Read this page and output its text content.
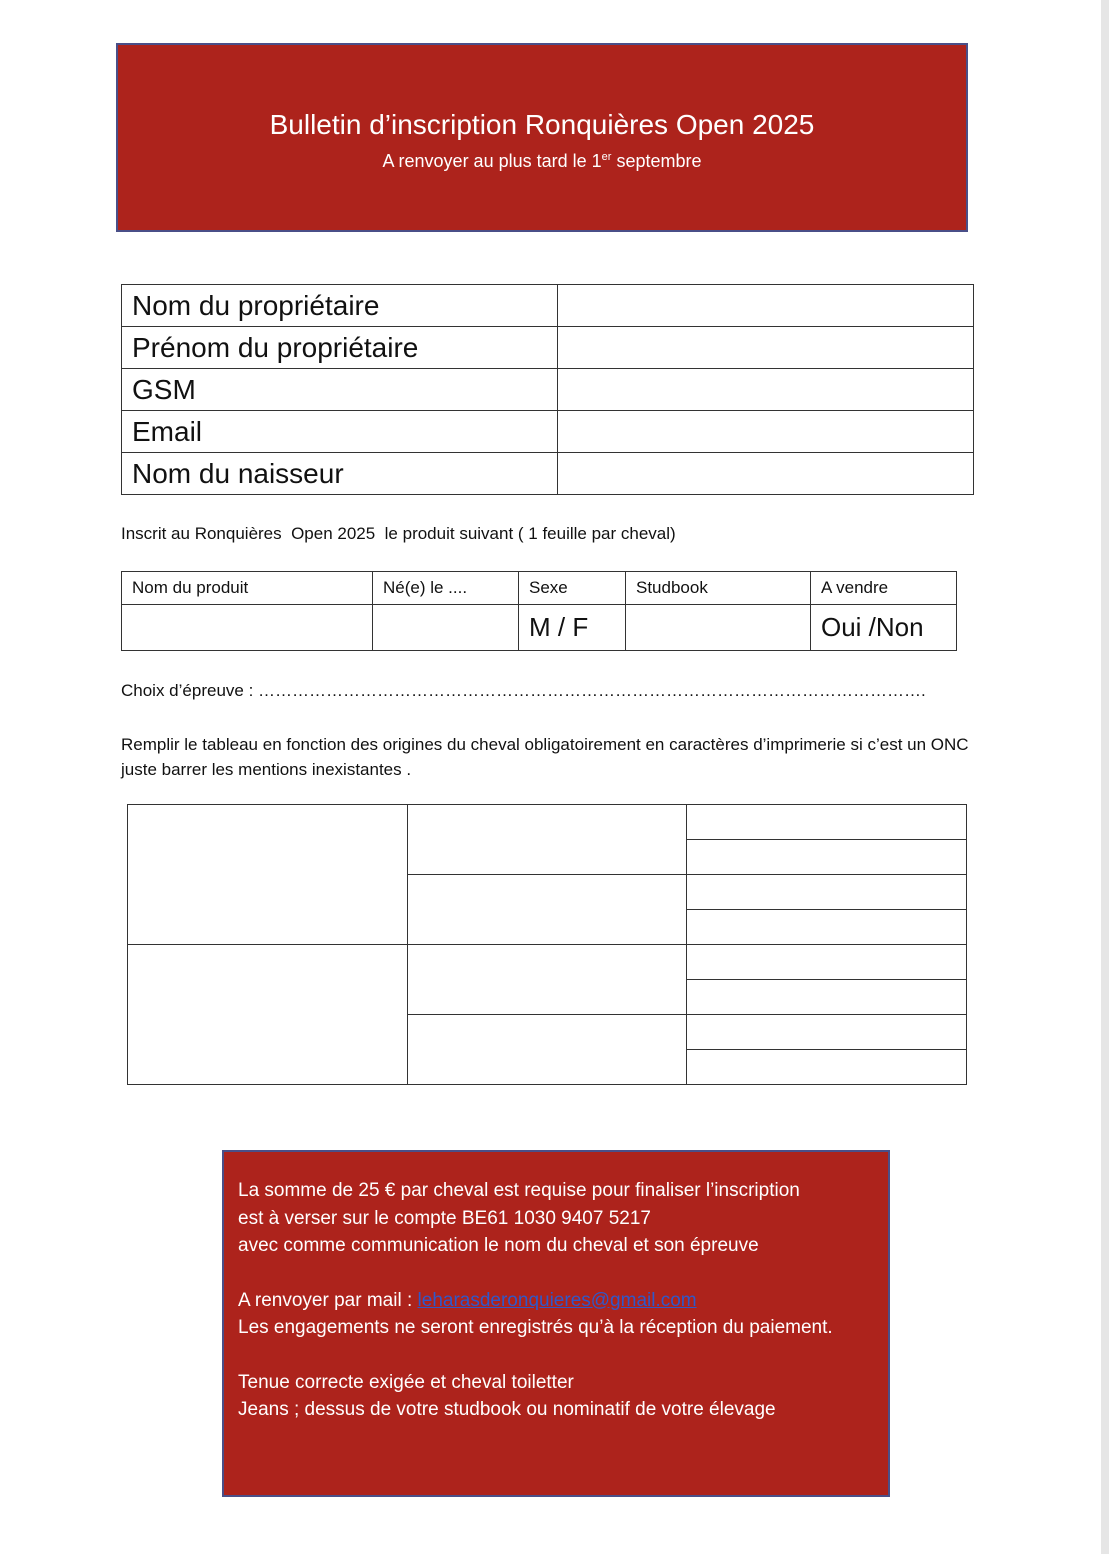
Bulletin d’inscription Ronquières Open 2025
A renvoyer au plus tard le 1er septembre
Nom du propriétaire	
Prénom du propriétaire	
GSM	
Email	
Nom du naisseur	
Inscrit au Ronquières  Open 2025  le produit suivant ( 1 feuille par cheval)
Nom du produit	Né(e) le ....	Sexe	Studbook	A vendre
		M / F		Oui /Non
Choix d’épreuve : ……………………………………………………………………………………………………….
Remplir le tableau en fonction des origines du cheval obligatoirement en caractères d’imprimerie si c’est un ONC juste barrer les mentions inexistantes .

La somme de 25 € par cheval est requise pour finaliser l’inscription
est à verser sur le compte BE61 1030 9407 5217
avec comme communication le nom du cheval et son épreuve

A renvoyer par mail : leharasderonquieres@gmail.com
Les engagements ne seront enregistrés qu’à la réception du paiement.

Tenue correcte exigée et cheval toiletter
Jeans ; dessus de votre studbook ou nominatif de votre élevage
